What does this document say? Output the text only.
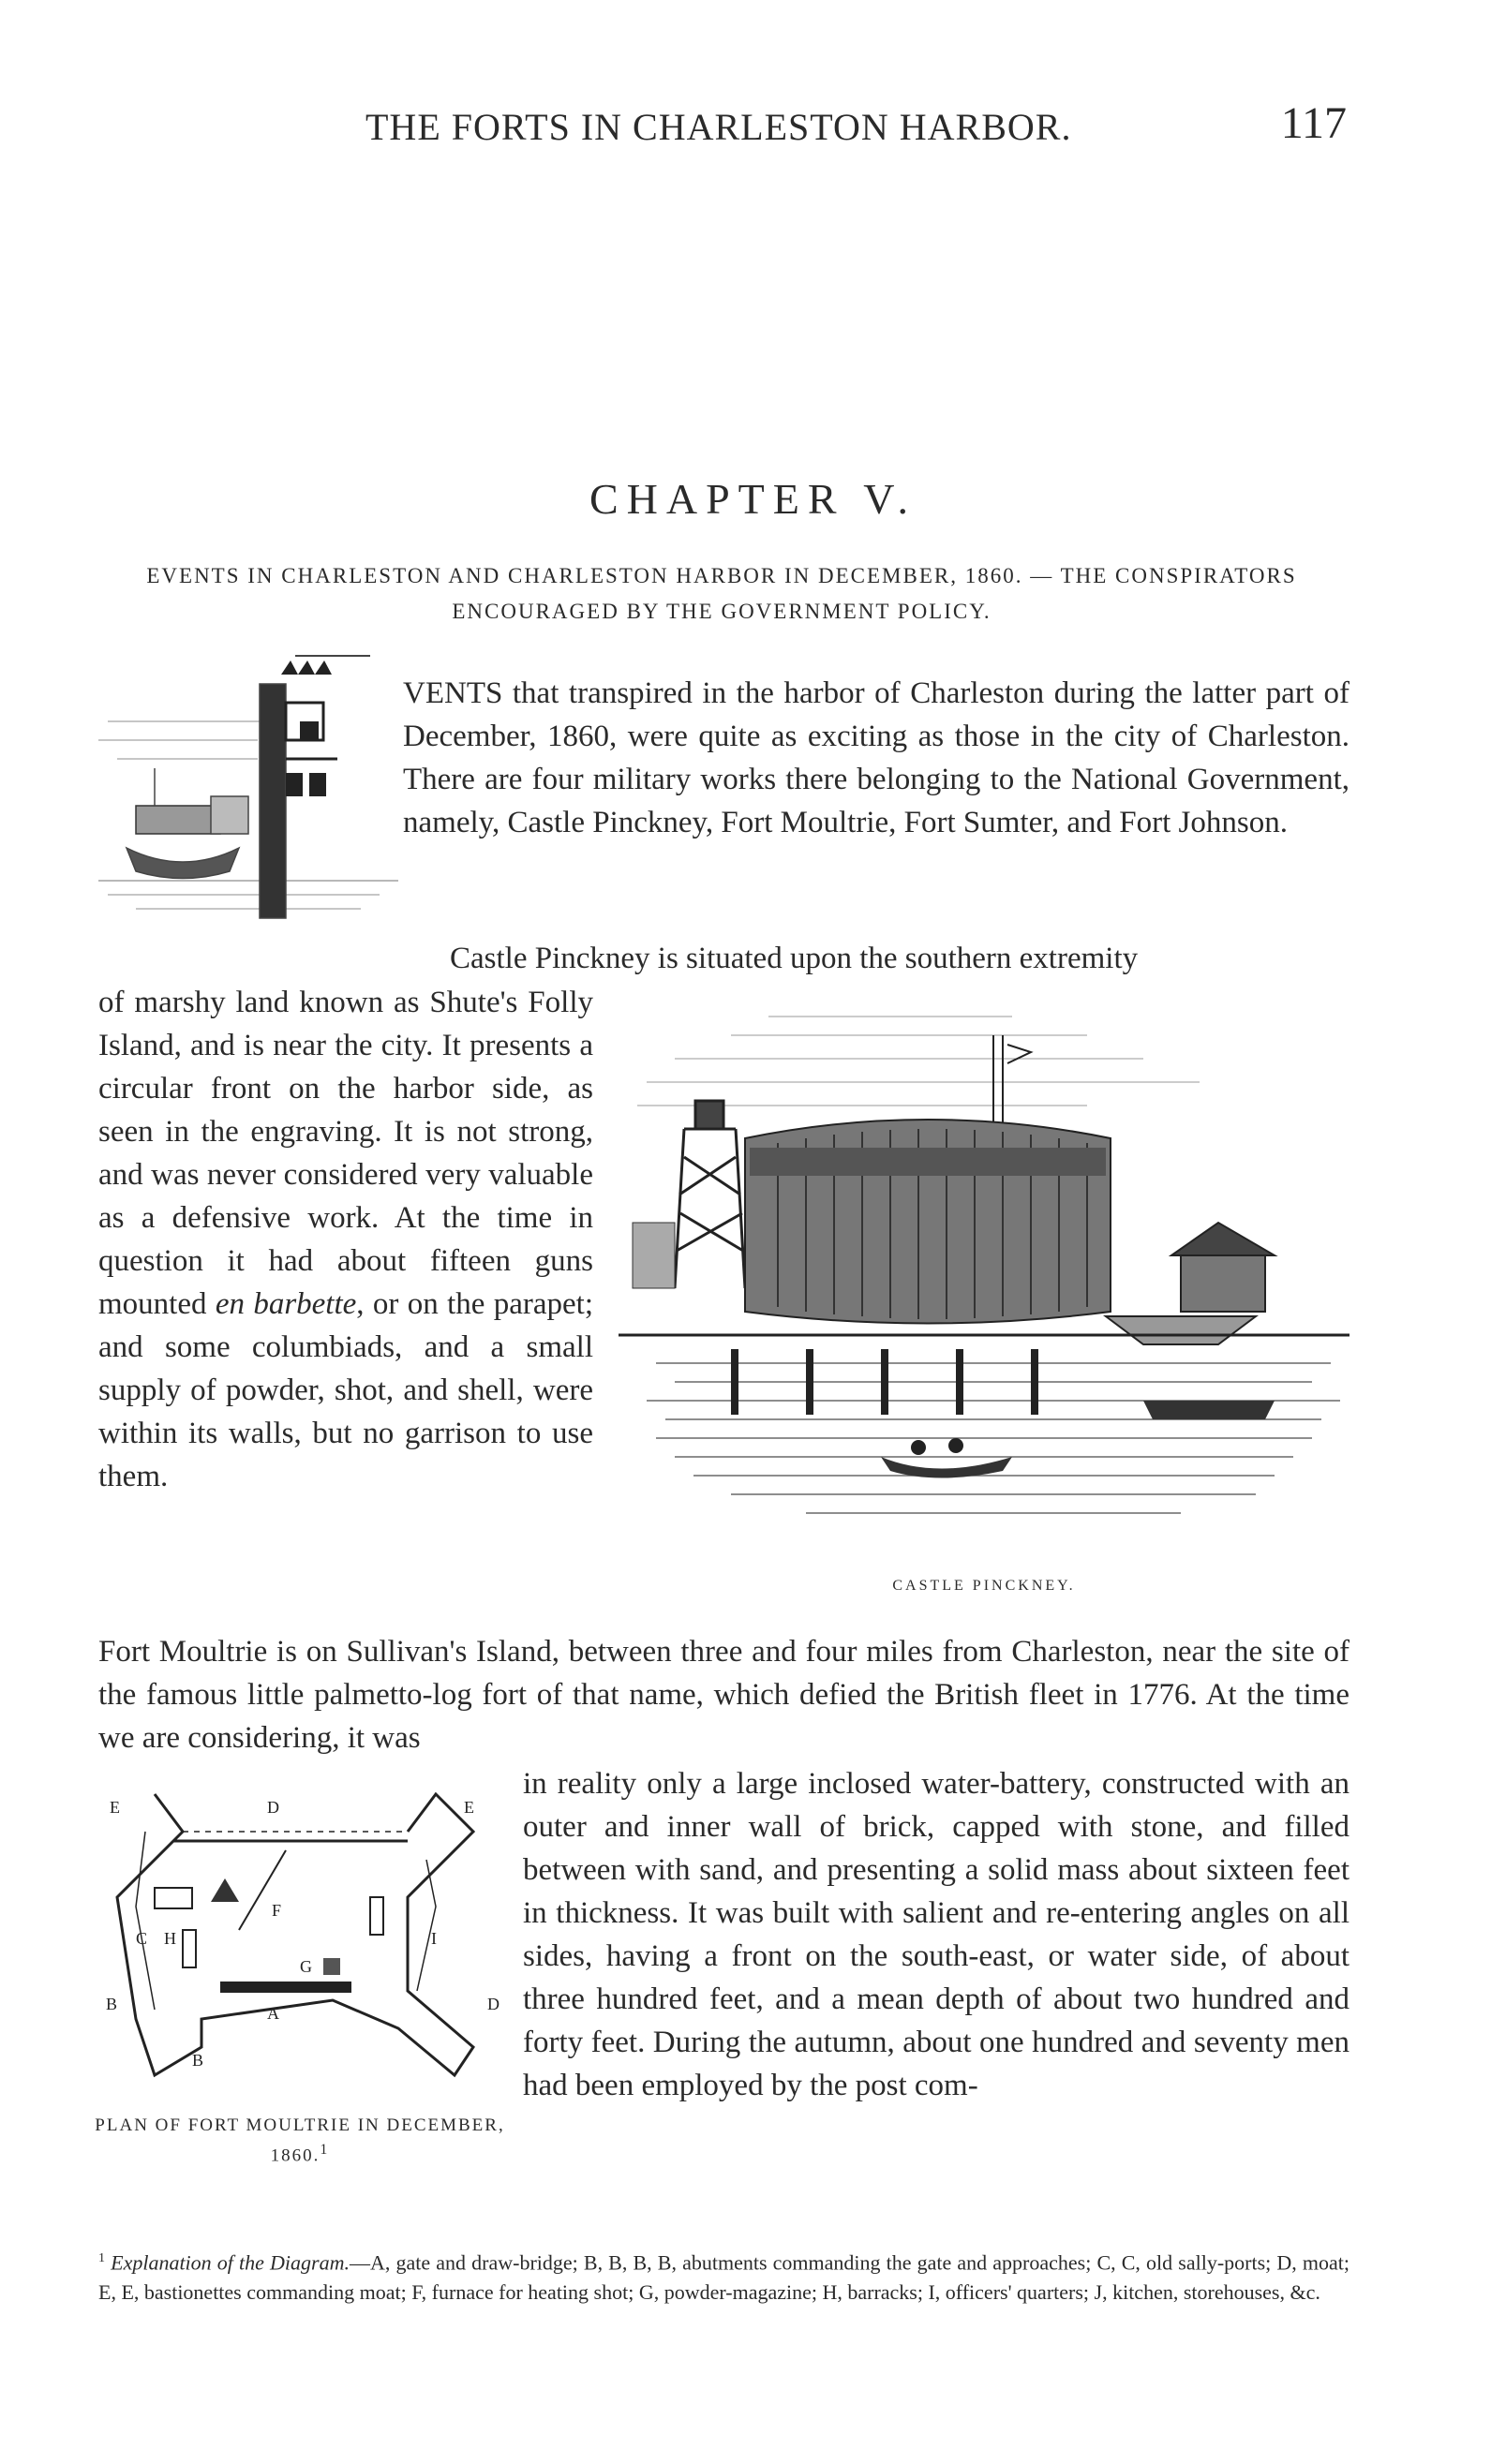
THE FORTS IN CHARLESTON HARBOR.	117
CHAPTER V.
EVENTS IN CHARLESTON AND CHARLESTON HARBOR IN DECEMBER, 1860. — THE CONSPIRATORS ENCOURAGED BY THE GOVERNMENT POLICY.
VENTS that transpired in the harbor of Charleston during the latter part of December, 1860, were quite as exciting as those in the city of Charleston. There are four military works there belonging to the National Government, namely, Castle Pinckney, Fort Moultrie, Fort Sumter, and Fort Johnson.
Castle Pinckney is situated upon the southern extremity
of marshy land known as Shute's Folly Island, and is near the city. It presents a circular front on the harbor side, as seen in the engraving. It is not strong, and was never considered very valuable as a defensive work. At the time in question it had about fifteen guns mounted en barbette, or on the parapet; and some columbiads, and a small supply of powder, shot, and shell, were within its walls, but no garrison to use them.
CASTLE PINCKNEY.
Fort Moultrie is on Sullivan's Island, between three and four miles from Charleston, near the site of the famous little palmetto-log fort of that name, which defied the British fleet in 1776. At the time we are considering, it was
E	D	E
H
F
C	I
G
B	A
B
D
PLAN OF FORT MOULTRIE IN DECEMBER, 1860.$^1$
in reality only a large inclosed water-battery, constructed with an outer and inner wall of brick, capped with stone, and filled between with sand, and presenting a solid mass about sixteen feet in thickness. It was built with salient and re-entering angles on all sides, having a front on the south-east, or water side, of about three hundred feet, and a mean depth of about two hundred and forty feet. During the autumn, about one hundred and seventy men had been employed by the post com-
$^1$ Explanation of the Diagram.—A, gate and draw-bridge; B, B, B, B, abutments commanding the gate and approaches; C, C, old sally-ports; D, moat; E, E, bastionettes commanding moat; F, furnace for heating shot; G, powder-magazine; H, barracks; I, officers' quarters; J, kitchen, storehouses, &c.
